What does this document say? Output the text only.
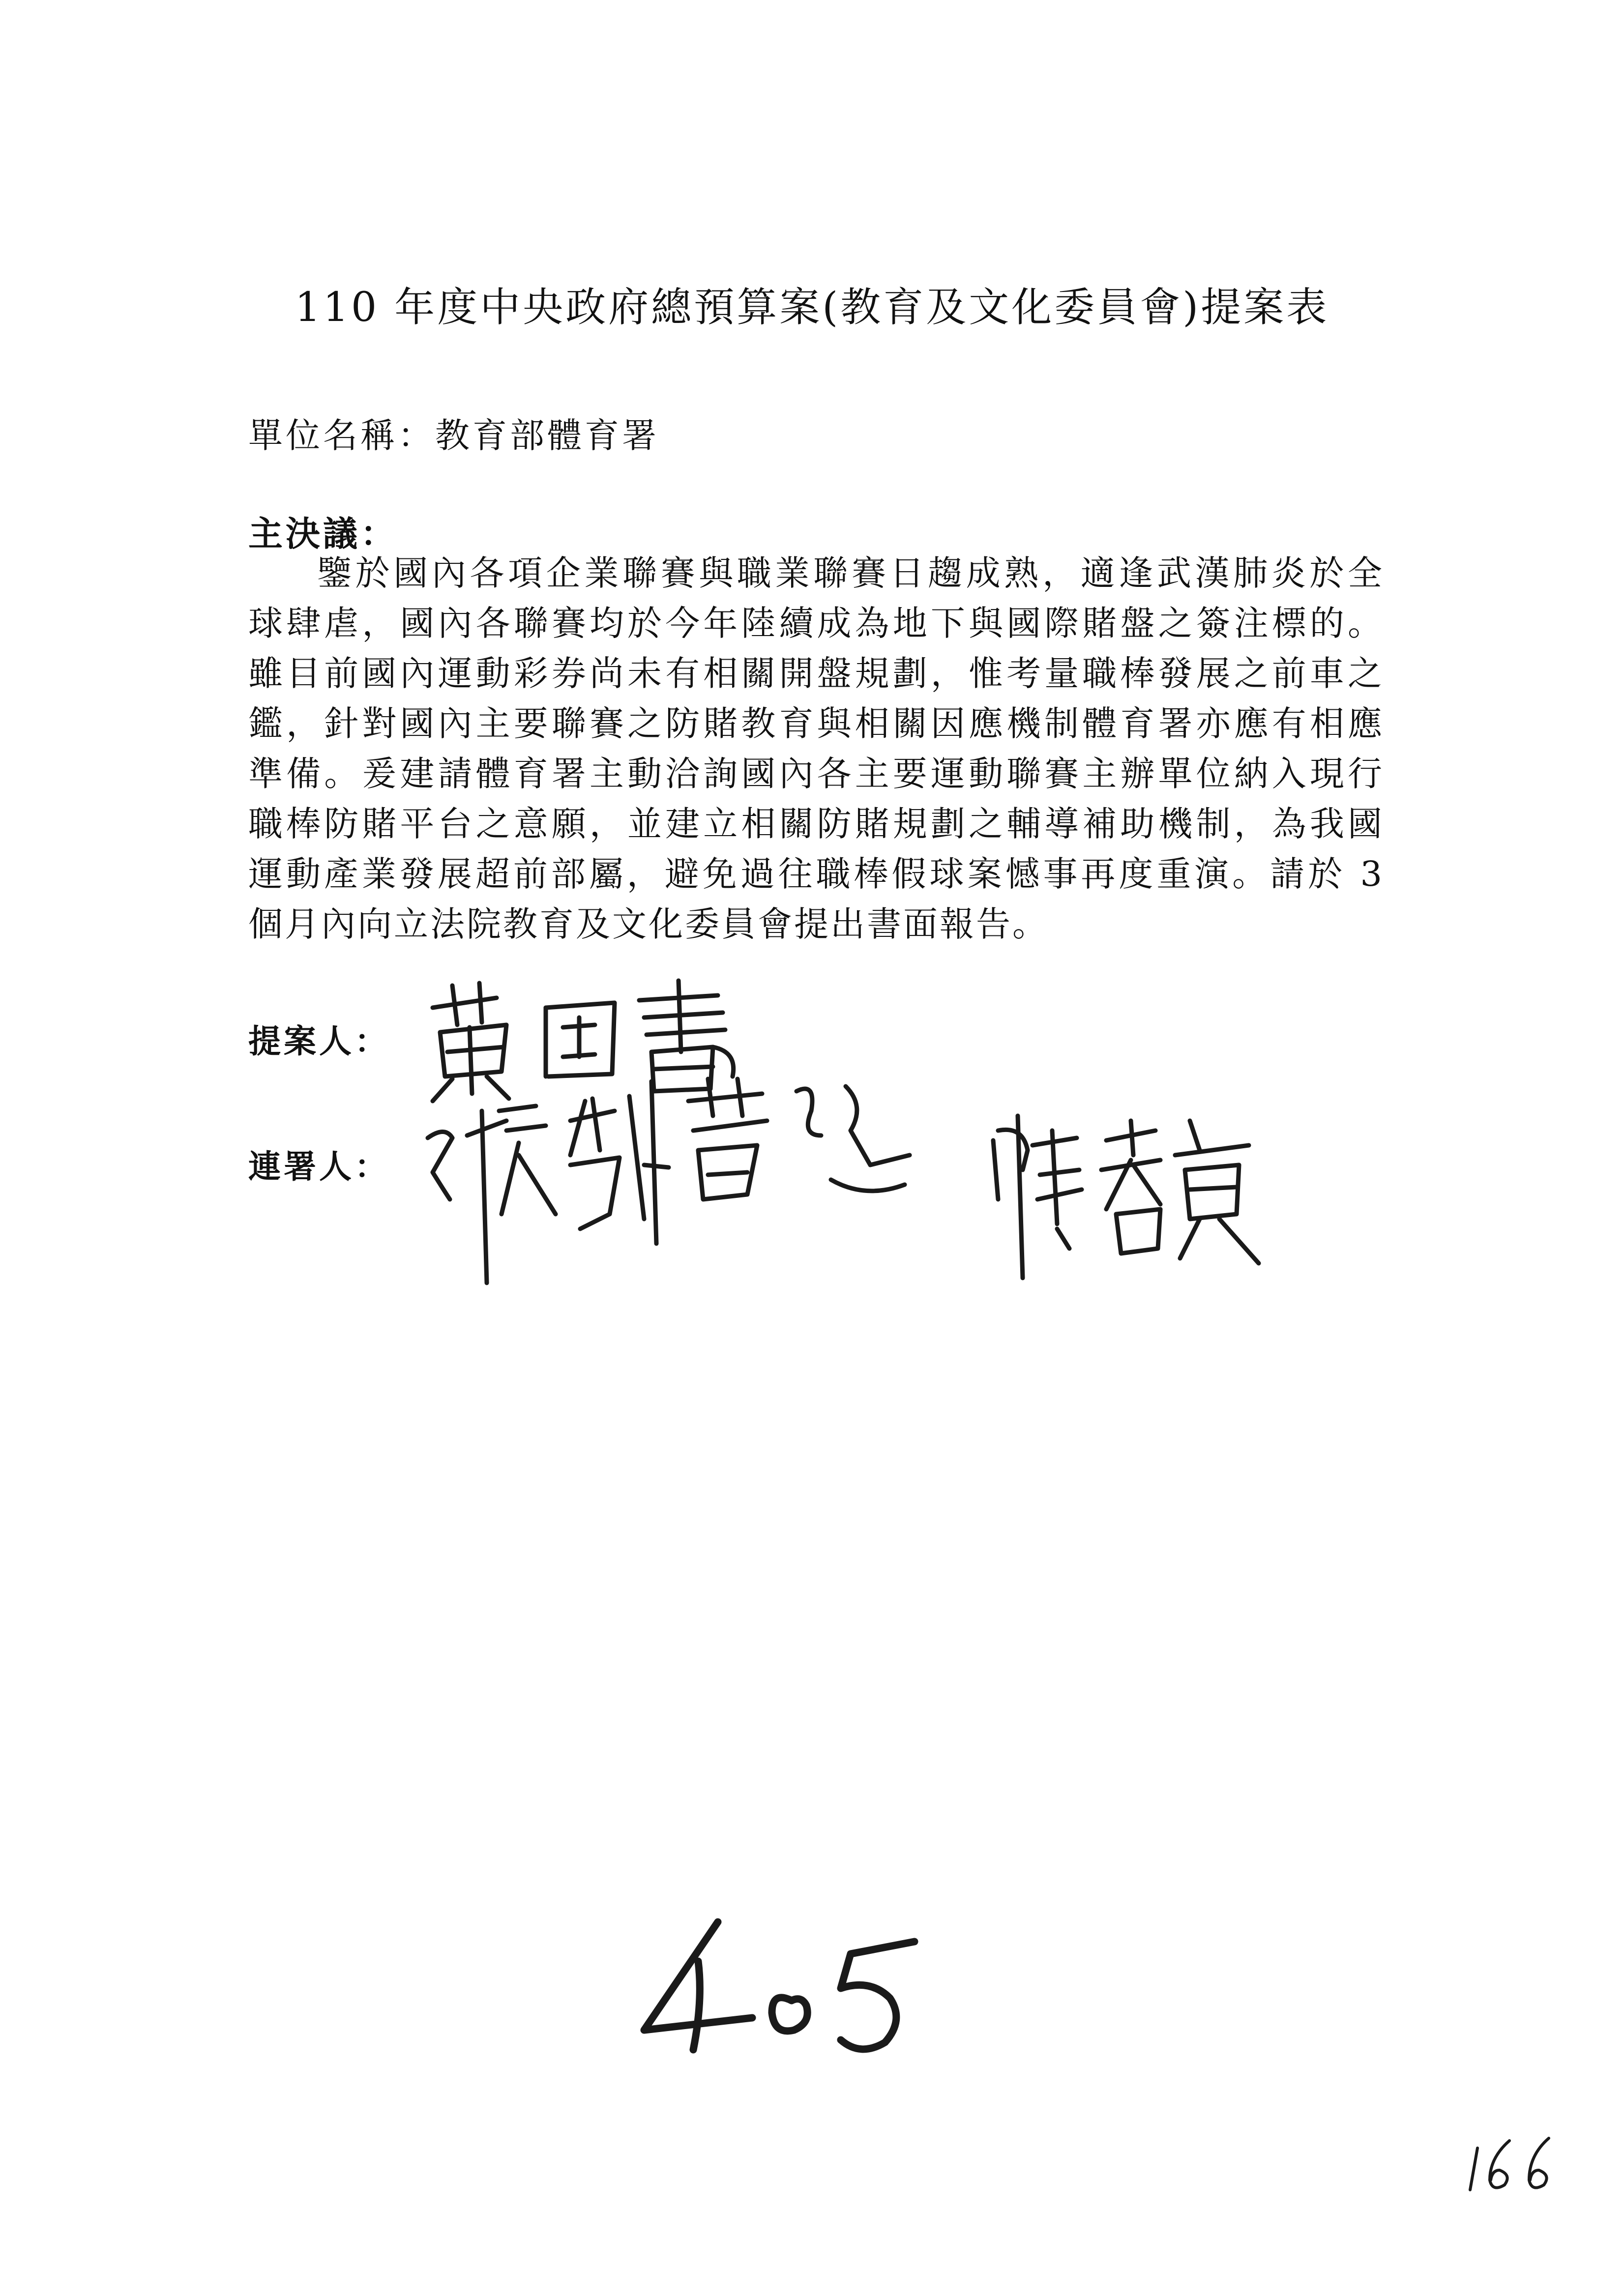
110 年度中央政府總預算案(教育及文化委員會)提案表
單位名稱：教育部體育署
主決議：
鑒於國內各項企業聯賽與職業聯賽日趨成熟，適逢武漢肺炎於全
球肆虐，國內各聯賽均於今年陸續成為地下與國際賭盤之簽注標的。
雖目前國內運動彩券尚未有相關開盤規劃，惟考量職棒發展之前車之
鑑，針對國內主要聯賽之防賭教育與相關因應機制體育署亦應有相應
準備。爰建請體育署主動洽詢國內各主要運動聯賽主辦單位納入現行
職棒防賭平台之意願，並建立相關防賭規劃之輔導補助機制，為我國
運動產業發展超前部屬，避免過往職棒假球案憾事再度重演。請於 3
個月內向立法院教育及文化委員會提出書面報告。
提案人：
連署人：
